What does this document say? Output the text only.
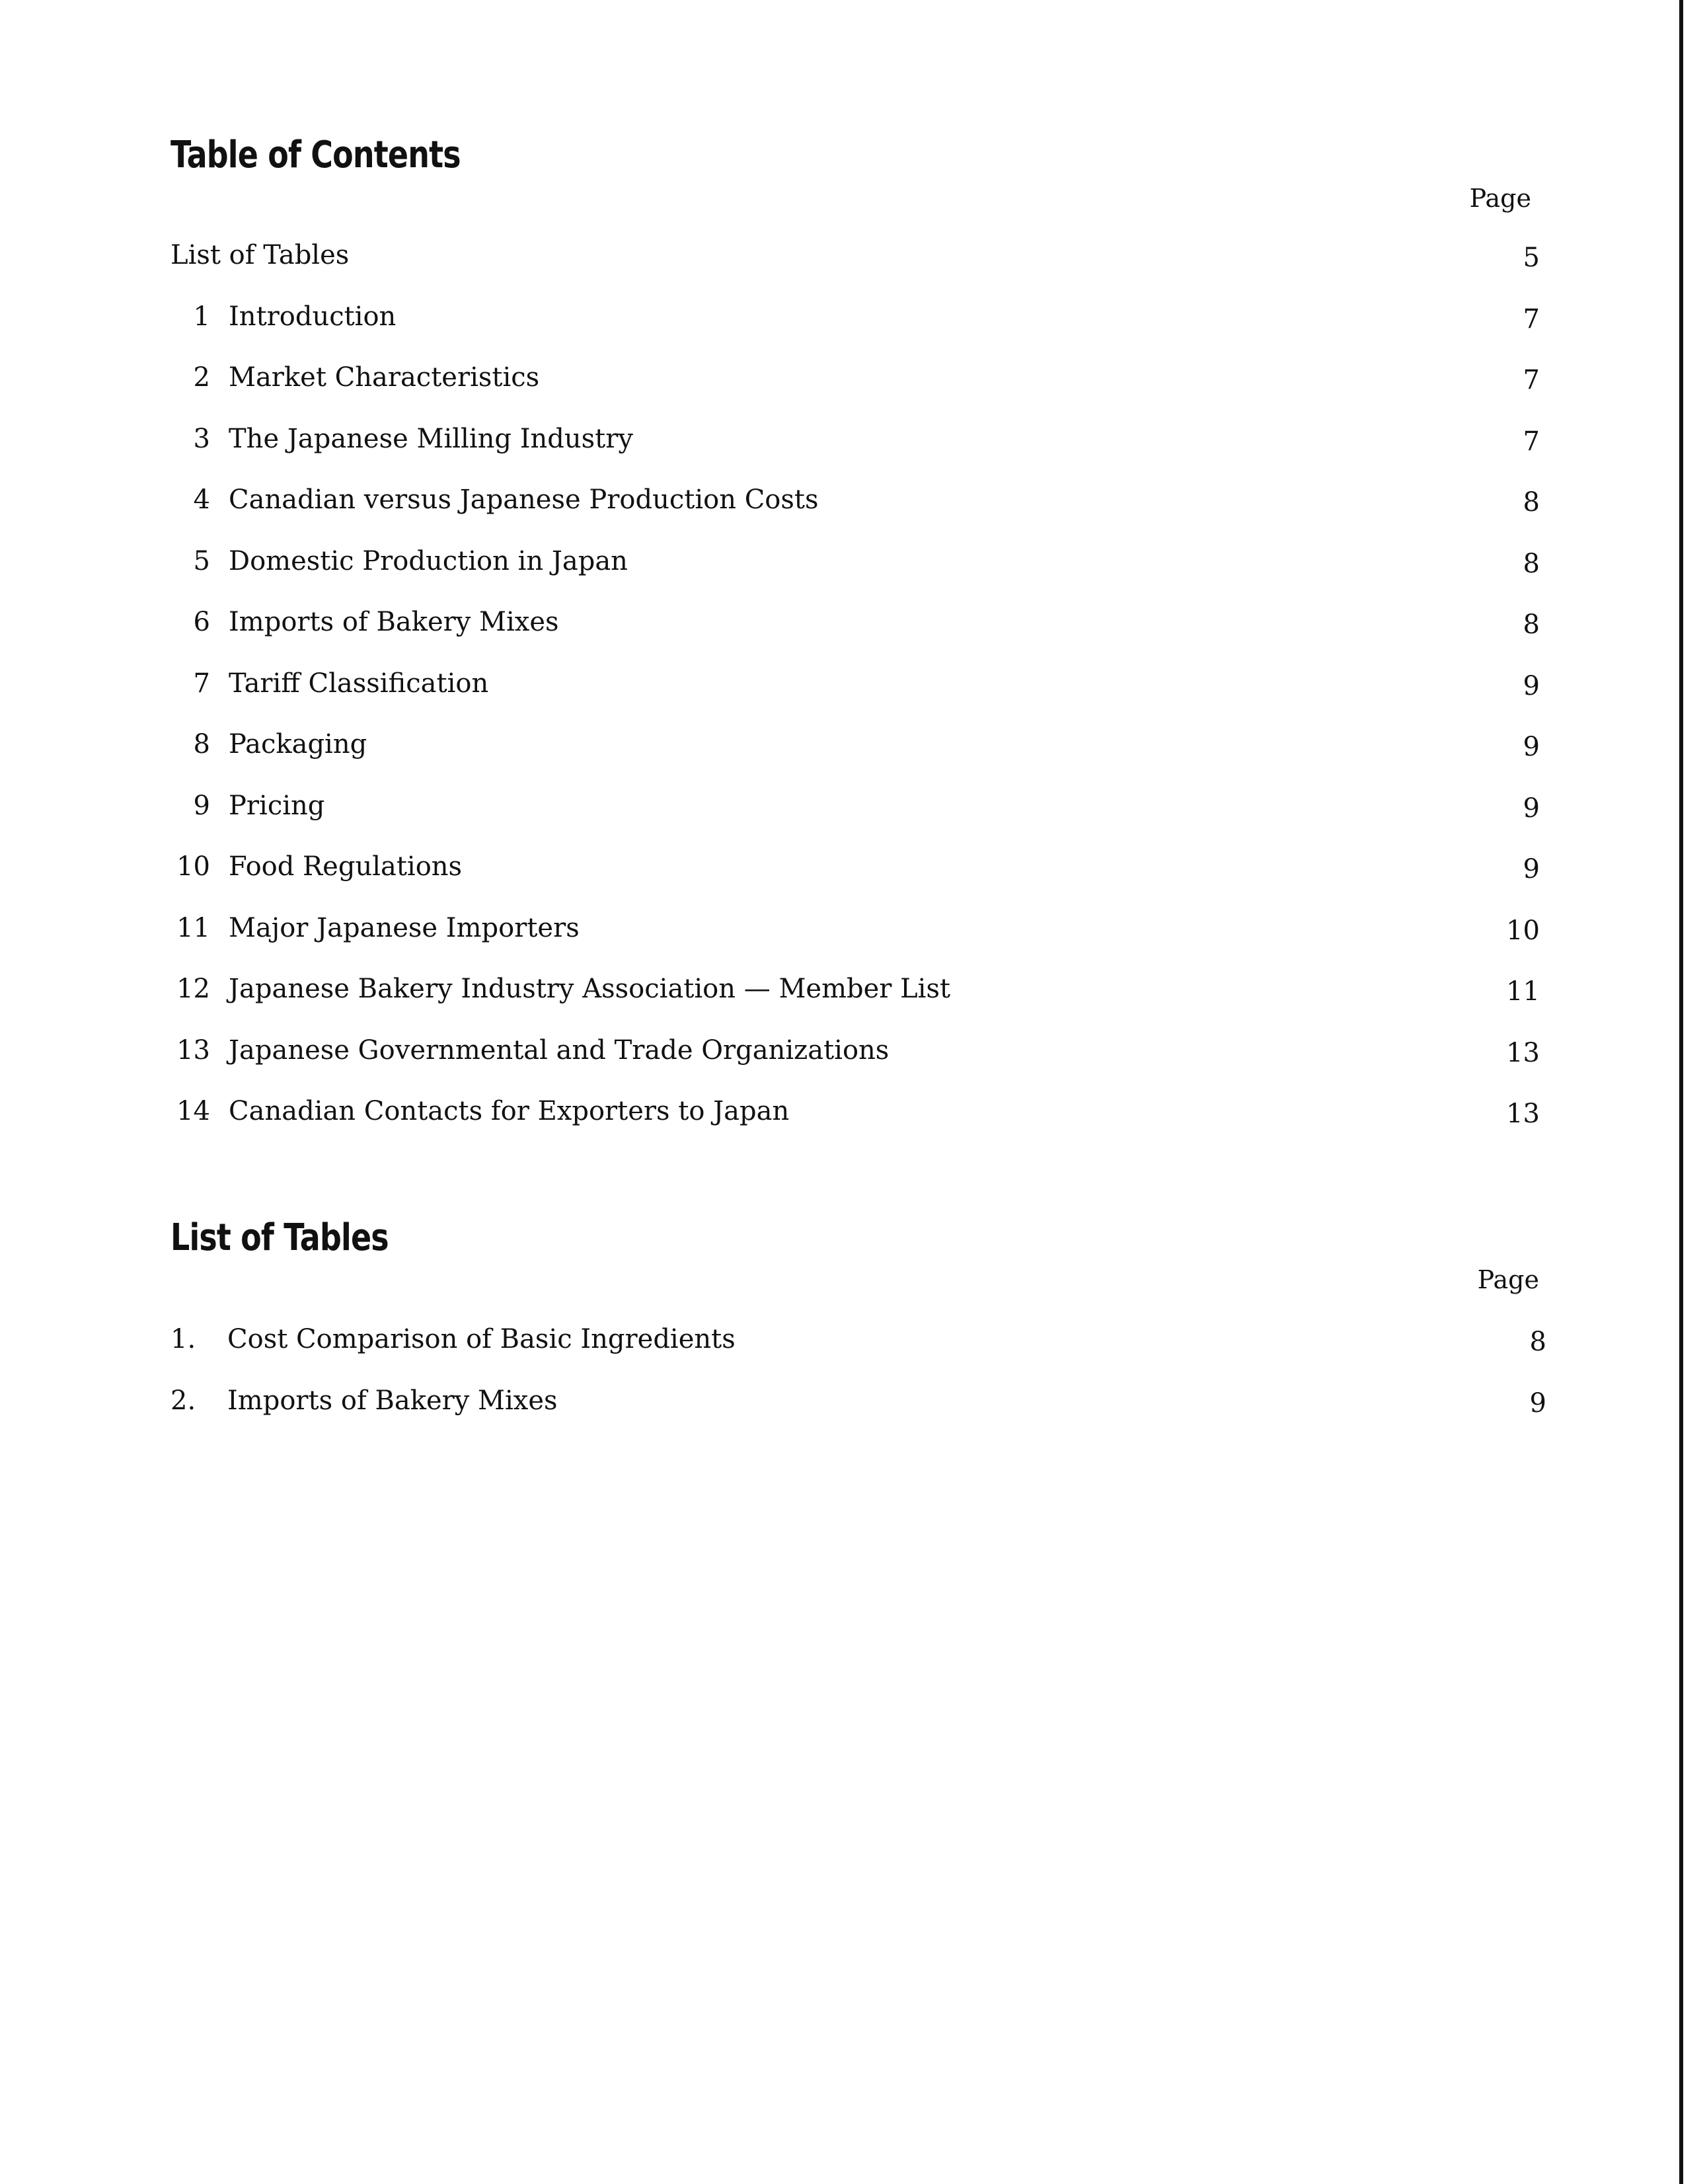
Table of Contents
Page
List of Tables	5
1 Introduction	7
2 Market Characteristics	7
3 The Japanese Milling Industry	7
4 Canadian versus Japanese Production Costs	8
5 Domestic Production in Japan	8
6 Imports of Bakery Mixes	8
7 Tariff Classification	9
8 Packaging	9
9 Pricing	9
10 Food Regulations	9
11 Major Japanese Importers	10
12 Japanese Bakery Industry Association — Member List	11
13 Japanese Governmental and Trade Organizations	13
14 Canadian Contacts for Exporters to Japan	13
List of Tables
Page
1. Cost Comparison of Basic Ingredients	8
2. Imports of Bakery Mixes	9
